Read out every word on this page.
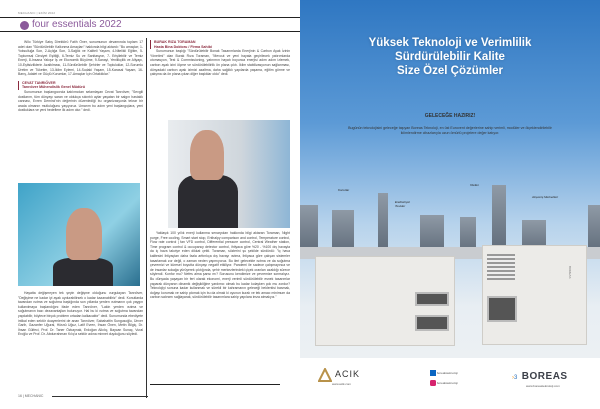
MECHANIC | EKİM 2022
four essentials 2022

Wilo Türkiye Satış Direktörü Fatih Öner, sunumunun devamında toplam 17 adet olan "Sürdürülebilir Kalkınma Amaçları" hakkında bilgi aktardı: "Bu amaçlar; 1-Yoksulluğa Son, 2-Açlığa Son, 3-Sağlık ve Kaliteli Yaşam, 4-Nitelikli Eğitim, 5-Toplumsal Cinsiyet Eşitliği, 6-Temiz Su ve Sanitasyon, 7- Erişilebilir ve Temiz Enerji, 8-İnsana Yakışır İş ve Ekonomik Büyüme, 9-Sanayi, Yenilikçilik ve Altyapı, 10-Eşitsizliklerin Azaltılması, 11-Sürdürülebilir Şehirler ve Topluluklar, 12-Sorumlu Üretim ve Tüketim, 13-İklim Eylemi, 14-Sudaki Yaşam, 15-Karasal Yaşam, 16-Barış, Adalet ve Güçlü Kurumlar, 17-Amaçlar İçin Ortaklıklar."

CEVAT TANRIÖVER
Tanrıöver Mühendislik Genel Müdürü

Sunumunun başlangıcında katılımcıları selamlayan Cevat Tanrıöver, "Sevgili dostlarım, tüm dünyayı saran ve oldukça sıkıntılı aylar yaşatan bir salgın hastalık cannası, Evren Demirci'nin değerinin düzenlediği bu organizasyonla tekrar bir arada olmanın mutluluğunu yaşıyoruz. Umarım bu adım yeni başlangıçlara, yeni dostluklara ve yeni hedeflere ilk adım olur." dedi.

Hayatta değişmeyen tek şeyin değişme olduğunu vurgulayan Tanrıöver, "Değişime ne kadar iyi ayak uydurabilirsek o kadar kazanabiliriz" dedi. Konutlarda tavandan ısıtma ve soğutma başlığında son yıllarda yerden ısıtmanın çok yaygın kullanılmaya başlandığını ifade eden Tanrıöver, "Lakin yerden ısıtma ve soğutmanın bazı dezavantajları bulunuyor. Hal bu ki ısıtma ve soğutma tavandan yapılabilir, böylece birçok problem ortadan kalkacaktır" dedi. Sunumunda ebediyete intikal eden sektör duayenlerini de anan Tanrıöver, Sabahattin Sungusoğlu, Ünver Garih, Gazanfer Uğural, Hüsnü Uğuz, Latif Evren, İhsan Önen, Metin Bilgiç, Dr. İhsan Gülfeci, Prof. Dr. Taner Özkaynak, Erdoğan Alkılıç, Baycan Sunaç, Vural Eroğlu ve Prof. Dr. Abdurrahman Kılıç'a sektör adına minnet duyduğunu söyledi.

BURAK RIZA TORAMAN
Hasta Bina Doktoru / Firma Sahibi

Sunumunun başlığı "Sürdürülebilir Bonak Tasarımlarda Enerjinin & Carbon Ayak İzinin Yönetimi" olan Burak Rıza Toraman, "Mevcut ve yeni hayata geçirilecek yatırımlarda otomasyon, Test & Commissioning, yatırımın hayatı boyunca enerjisi adım adım izlemek, carbon ayak izini ölçme ve sürdürülebilirlik ön plana çıktı. İklim stabilizasyonun sağlanması, dünyadaki carbon ayak izimizi azaltma, daha sağlıklı yapılarda yaşama, eğitim görme ve çalışma da ön plana çıkan diğer başlıklar oldu" dedi.

Yaklaşık 100 yıllık enerji kullanma senaryoları hakkında bilgi aktaran Toraman, Night purge, Free cooling, Smart start stop, Enthalpy comparison and control, Temperature control, Flow rate control | fan VFD control, Differential pressure control, Central Weather station, Time program control & occupancy detector control, ihtiyaca göre %20 - %100 dış havayla da iç hava takviye eden dikkat çekti. Toraman, sözlerini şu şekilde sürdürdü: "İç hava kalitesini ihtiyaçtan daha fazla arttırıkça dış havayı ısıtma, ihtiyaca göre çalışan sistemler tasarlamak zor değil, o zaman neden yapmıyoruz. Bu ileri gelecekte ısıtma ve da soğutma çevremizi ve küresel boyutta dünyayı negatif etkiliyor. Pandemi ile sadece çalışmayınca ve de insanlar sokağa yürüyerek çıktığında, şehir merkezlerindeki çiçek oranları azaldığı sürece söylendi. Konfor mu? Nefes alma şansı mı? Sorusunu kendimize ve çevremize sormalıyız. Bu dünyada yaşayan bir fert olarak ekonomi, enerji verimli sürdürülebilir esnek tasarımlar yaparak dünyanın dinamik değişikliğine yardımcı olmak bu kadar kolayken çok mu zordur? Teknolojiyi sonuna kadar kullanmak ve sürekli bir kahramanın geleceği beklentisi basmak, doğayı korumak ve sahip çıkmak için bu da olmalı ki oyunun kuralı ve tek amacı minimum da carbon salınımı sağlayarak, sürdürülebilir tasarımlara sahip yapılara imza atmalıyız."

16 | MECHANIC
Yüksek Teknoloji ve Verimlilik
Sürdürülebilir Kalite
Size Özel Çözümler
GELECEĞE HAZIRIZ!
Bugünün teknolojisini geleceğe taşıyan Boreas Teknoloji, en üst Eurovent değerlerine sahip verimli, modüler ve ölçeklendirilebilir iklimlendirme cihazlarıyla uzun ömürlü projelere değer katıyor.
Konutlar
Endüstriyel Tesisler
Oteller
Alışveriş Merkezleri
BOREAS
ACIK
www.acik.com
borealsteknoloji
borealsteknoloji
›3 BOREAS
www.boreasteknoloji.com
